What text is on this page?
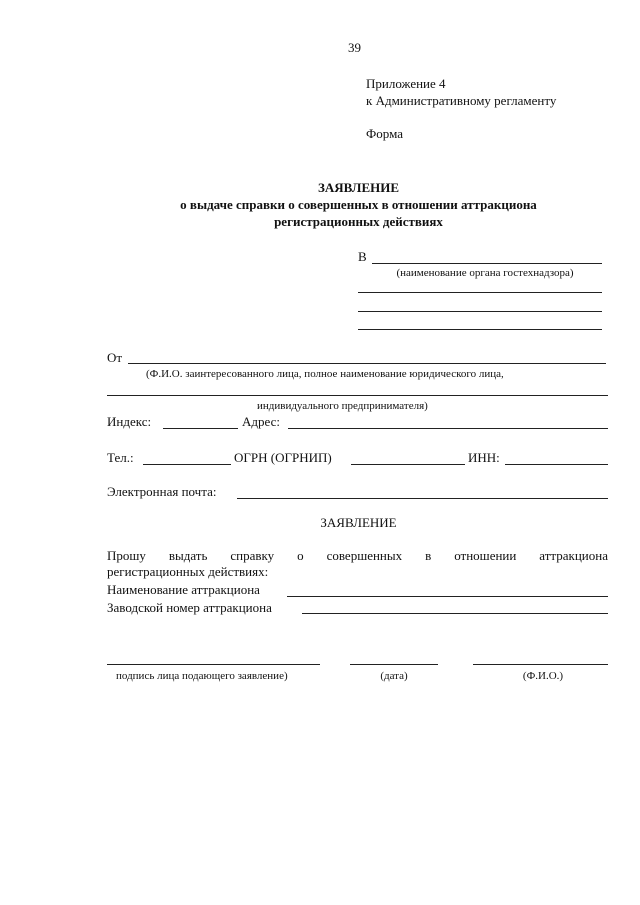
39
Приложение 4
к Административному регламенту
Форма
ЗАЯВЛЕНИЕ
о выдаче справки о совершенных в отношении аттракциона
регистрационных действиях
В
(наименование органа гостехнадзора)
От
(Ф.И.О. заинтересованного лица, полное наименование юридического лица,
индивидуального предпринимателя)
Индекс:	Адрес:
Тел.:	ОГРН (ОГРНИП)	ИНН:
Электронная почта:
ЗАЯВЛЕНИЕ
Прошу выдать справку о совершенных в отношении аттракциона
регистрационных действиях:
Наименование аттракциона
Заводской номер аттракциона
подпись лица подающего заявление)	(дата)	(Ф.И.О.)
